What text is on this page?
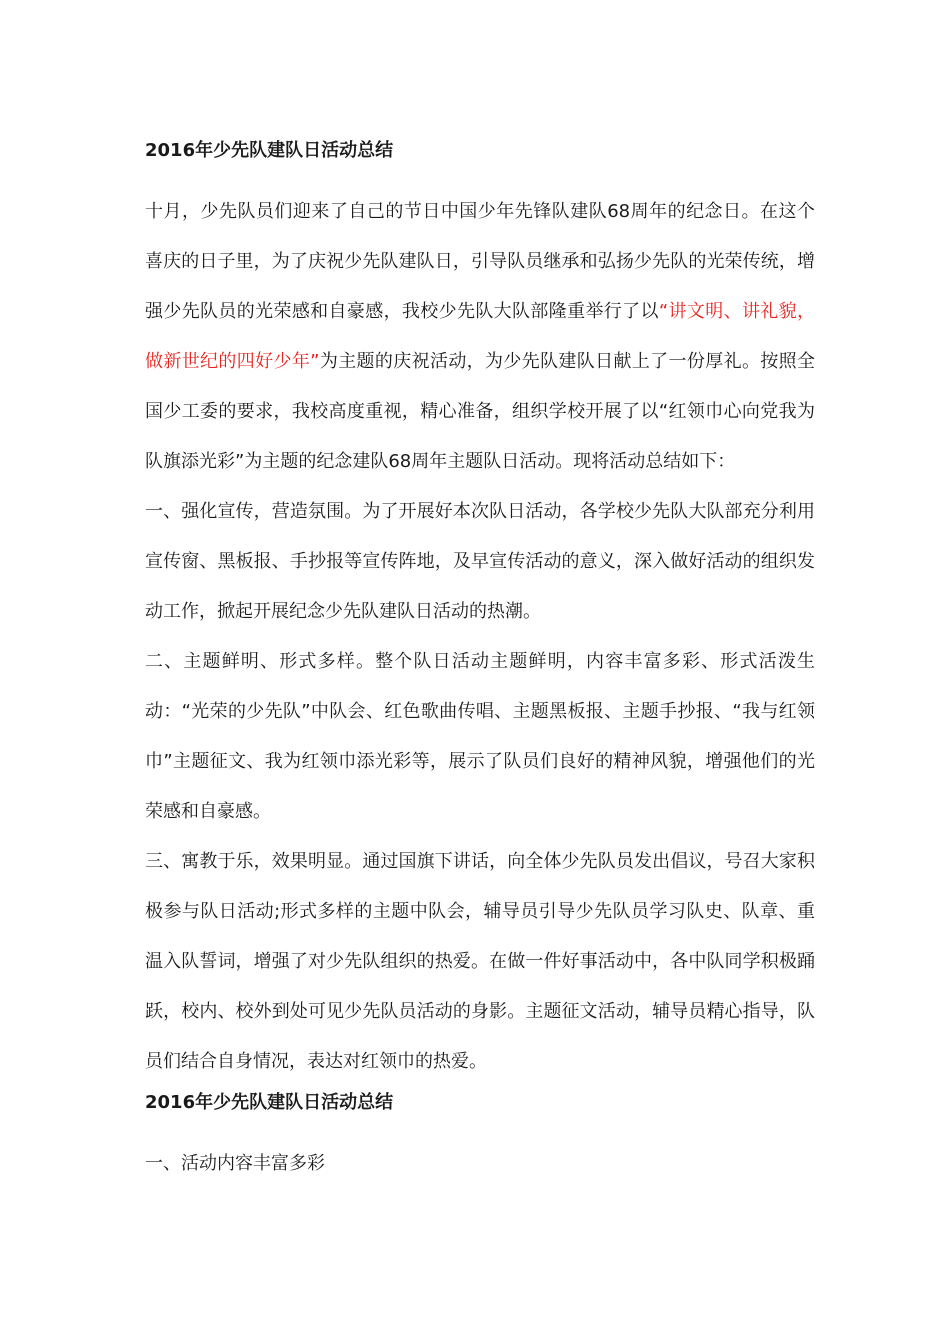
2016年少先队建队日活动总结

十月，少先队员们迎来了自己的节日中国少年先锋队建队68周年的纪念日。在这个喜庆的日子里，为了庆祝少先队建队日，引导队员继承和弘扬少先队的光荣传统，增强少先队员的光荣感和自豪感，我校少先队大队部隆重举行了以“讲文明、讲礼貌，做新世纪的四好少年”为主题的庆祝活动，为少先队建队日献上了一份厚礼。按照全国少工委的要求，我校高度重视，精心准备，组织学校开展了以“红领巾心向党我为队旗添光彩”为主题的纪念建队68周年主题队日活动。现将活动总结如下：

一、强化宣传，营造氛围。为了开展好本次队日活动，各学校少先队大队部充分利用宣传窗、黑板报、手抄报等宣传阵地，及早宣传活动的意义，深入做好活动的组织发动工作，掀起开展纪念少先队建队日活动的热潮。

二、主题鲜明、形式多样。整个队日活动主题鲜明，内容丰富多彩、形式活泼生动：“光荣的少先队”中队会、红色歌曲传唱、主题黑板报、主题手抄报、“我与红领巾”主题征文、我为红领巾添光彩等，展示了队员们良好的精神风貌，增强他们的光荣感和自豪感。

三、寓教于乐，效果明显。通过国旗下讲话，向全体少先队员发出倡议，号召大家积极参与队日活动;形式多样的主题中队会，辅导员引导少先队员学习队史、队章、重温入队誓词，增强了对少先队组织的热爱。在做一件好事活动中，各中队同学积极踊跃，校内、校外到处可见少先队员活动的身影。主题征文活动，辅导员精心指导，队员们结合自身情况，表达对红领巾的热爱。

2016年少先队建队日活动总结

一、活动内容丰富多彩
